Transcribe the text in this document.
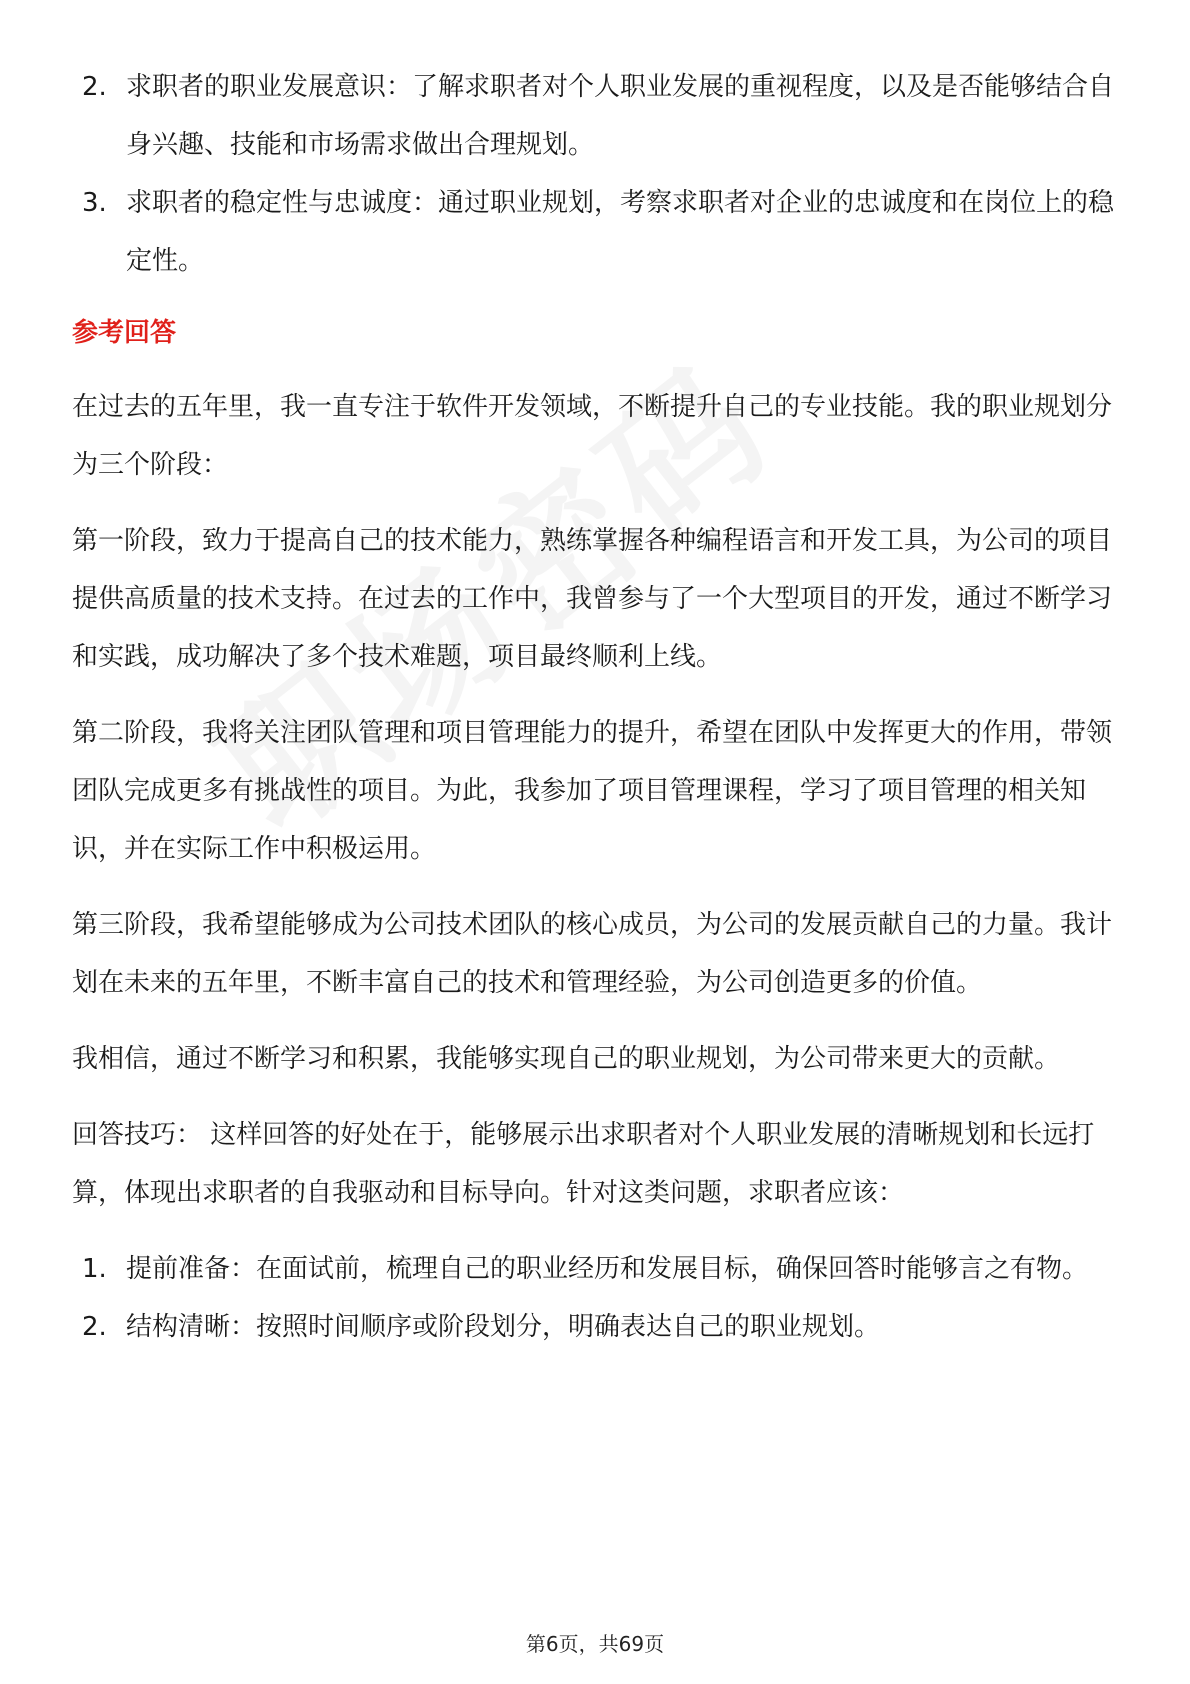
2. 求职者的职业发展意识：了解求职者对个人职业发展的重视程度，以及是否能够结合自身兴趣、技能和市场需求做出合理规划。
3. 求职者的稳定性与忠诚度：通过职业规划，考察求职者对企业的忠诚度和在岗位上的稳定性。
参考回答

在过去的五年里，我一直专注于软件开发领域，不断提升自己的专业技能。我的职业规划分为三个阶段：

第一阶段，致力于提高自己的技术能力，熟练掌握各种编程语言和开发工具，为公司的项目提供高质量的技术支持。在过去的工作中，我曾参与了一个大型项目的开发，通过不断学习和实践，成功解决了多个技术难题，项目最终顺利上线。

第二阶段，我将关注团队管理和项目管理能力的提升，希望在团队中发挥更大的作用，带领团队完成更多有挑战性的项目。为此，我参加了项目管理课程，学习了项目管理的相关知识，并在实际工作中积极运用。

第三阶段，我希望能够成为公司技术团队的核心成员，为公司的发展贡献自己的力量。我计划在未来的五年里，不断丰富自己的技术和管理经验，为公司创造更多的价值。

我相信，通过不断学习和积累，我能够实现自己的职业规划，为公司带来更大的贡献。

回答技巧： 这样回答的好处在于，能够展示出求职者对个人职业发展的清晰规划和长远打算，体现出求职者的自我驱动和目标导向。针对这类问题，求职者应该：

1. 提前准备：在面试前，梳理自己的职业经历和发展目标，确保回答时能够言之有物。
2. 结构清晰：按照时间顺序或阶段划分，明确表达自己的职业规划。
第6页，共69页
